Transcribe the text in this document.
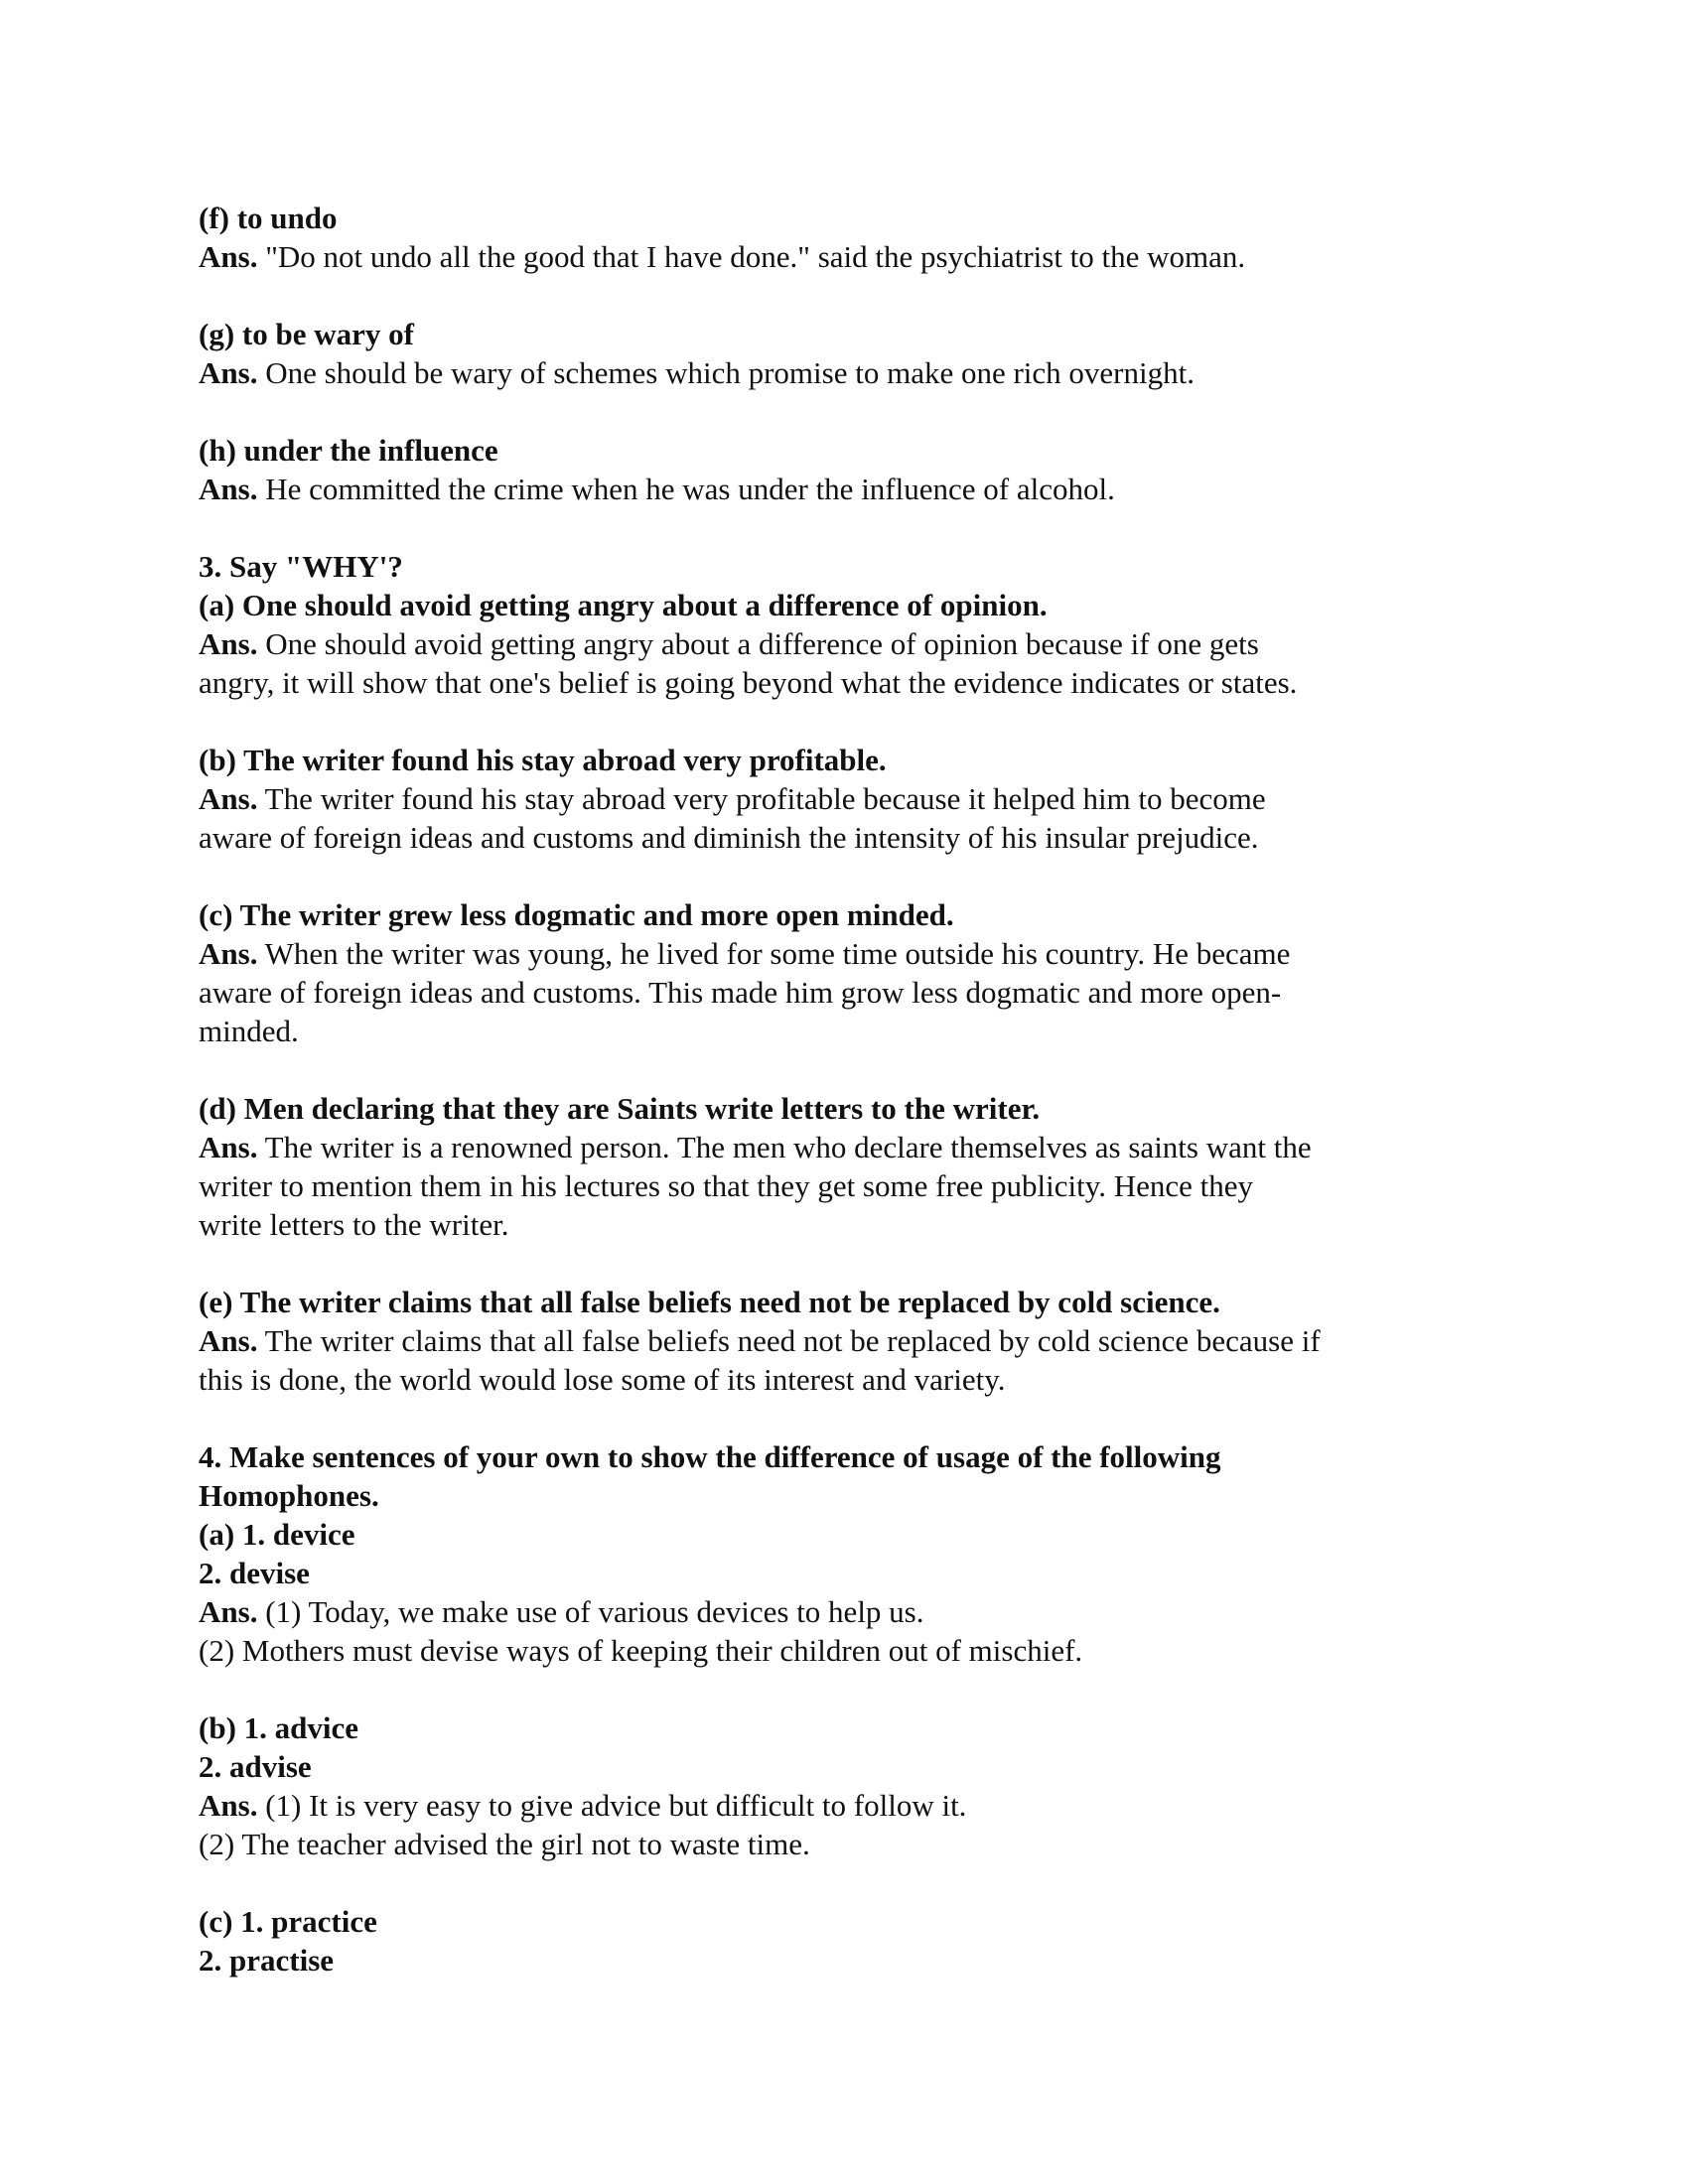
(f) to undo
Ans. "Do not undo all the good that I have done." said the psychiatrist to the woman.
(g) to be wary of
Ans. One should be wary of schemes which promise to make one rich overnight.
(h) under the influence
Ans. He committed the crime when he was under the influence of alcohol.
3. Say "WHY'?
(a) One should avoid getting angry about a difference of opinion.
Ans. One should avoid getting angry about a difference of opinion because if one gets
angry, it will show that one's belief is going beyond what the evidence indicates or states.
(b) The writer found his stay abroad very profitable.
Ans. The writer found his stay abroad very profitable because it helped him to become
aware of foreign ideas and customs and diminish the intensity of his insular prejudice.
(c) The writer grew less dogmatic and more open minded.
Ans. When the writer was young, he lived for some time outside his country. He became
aware of foreign ideas and customs. This made him grow less dogmatic and more open-
minded.
(d) Men declaring that they are Saints write letters to the writer.
Ans. The writer is a renowned person. The men who declare themselves as saints want the
writer to mention them in his lectures so that they get some free publicity. Hence they
write letters to the writer.
(e) The writer claims that all false beliefs need not be replaced by cold science.
Ans. The writer claims that all false beliefs need not be replaced by cold science because if
this is done, the world would lose some of its interest and variety.
4. Make sentences of your own to show the difference of usage of the following
Homophones.
(a) 1. device
2. devise
Ans. (1) Today, we make use of various devices to help us.
(2) Mothers must devise ways of keeping their children out of mischief.
(b) 1. advice
2. advise
Ans. (1) It is very easy to give advice but difficult to follow it.
(2) The teacher advised the girl not to waste time.
(c) 1. practice
2. practise
